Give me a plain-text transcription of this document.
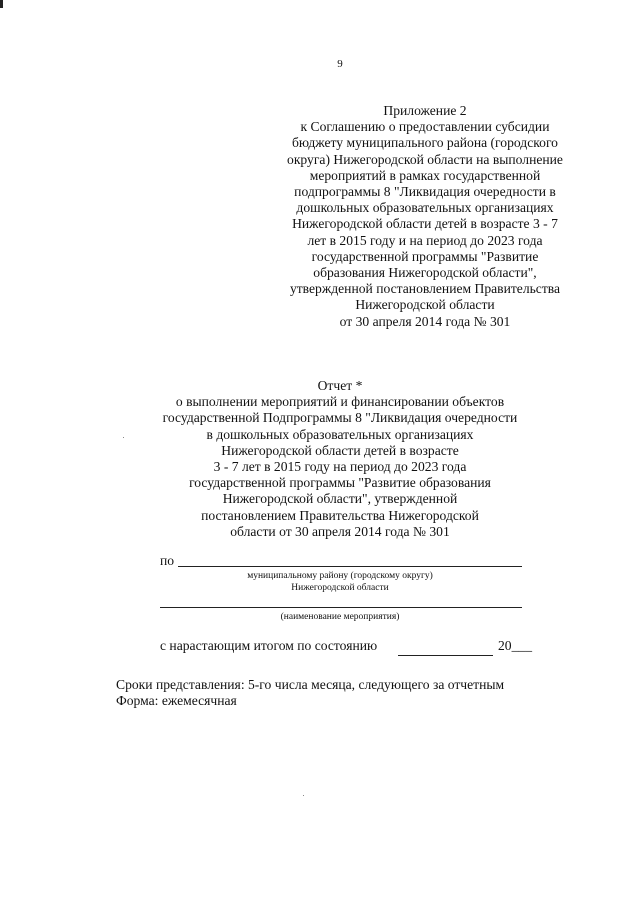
9
Приложение 2
к Соглашению о предоставлении субсидии
бюджету муниципального района (городского
округа) Нижегородской области на выполнение
мероприятий в рамках государственной
подпрограммы 8 "Ликвидация очередности в
дошкольных образовательных организациях
Нижегородской области детей в возрасте 3 - 7
лет в 2015 году и на период до 2023 года
государственной программы "Развитие
образования Нижегородской области",
утвержденной постановлением Правительства
Нижегородской области
от 30 апреля 2014 года № 301
Отчет *
о выполнении мероприятий и финансировании объектов
государственной Подпрограммы 8 "Ликвидация очередности
в дошкольных образовательных организациях
Нижегородской области детей в возрасте
3 - 7 лет в 2015 году на период до 2023 года
государственной программы "Развитие образования
Нижегородской области", утвержденной
постановлением Правительства Нижегородской
области от 30 апреля 2014 года № 301
по
муниципальному району (городскому округу)
Нижегородской области
(наименование мероприятия)
с нарастающим итогом по состоянию	20___
Сроки представления: 5-го числа месяца, следующего за отчетным
Форма: ежемесячная
